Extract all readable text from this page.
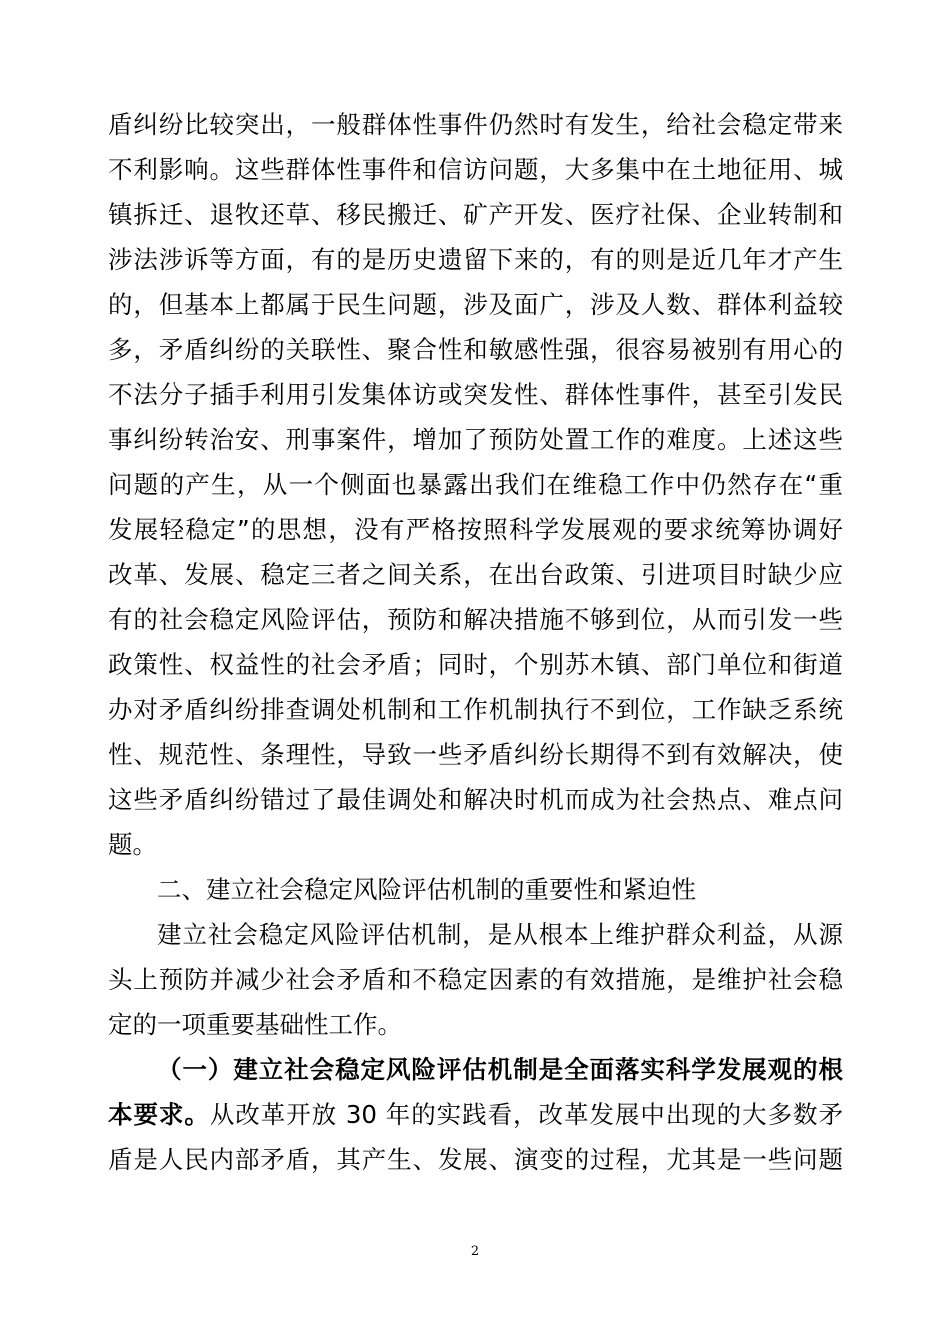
盾纠纷比较突出，一般群体性事件仍然时有发生，给社会稳定带来
不利影响。这些群体性事件和信访问题，大多集中在土地征用、城
镇拆迁、退牧还草、移民搬迁、矿产开发、医疗社保、企业转制和
涉法涉诉等方面，有的是历史遗留下来的，有的则是近几年才产生
的，但基本上都属于民生问题，涉及面广，涉及人数、群体利益较
多，矛盾纠纷的关联性、聚合性和敏感性强，很容易被别有用心的
不法分子插手利用引发集体访或突发性、群体性事件，甚至引发民
事纠纷转治安、刑事案件，增加了预防处置工作的难度。上述这些
问题的产生，从一个侧面也暴露出我们在维稳工作中仍然存在“重
发展轻稳定”的思想，没有严格按照科学发展观的要求统筹协调好
改革、发展、稳定三者之间关系，在出台政策、引进项目时缺少应
有的社会稳定风险评估，预防和解决措施不够到位，从而引发一些
政策性、权益性的社会矛盾；同时，个别苏木镇、部门单位和街道
办对矛盾纠纷排查调处机制和工作机制执行不到位，工作缺乏系统
性、规范性、条理性，导致一些矛盾纠纷长期得不到有效解决，使
这些矛盾纠纷错过了最佳调处和解决时机而成为社会热点、难点问
题。
二、建立社会稳定风险评估机制的重要性和紧迫性
建立社会稳定风险评估机制，是从根本上维护群众利益，从源
头上预防并减少社会矛盾和不稳定因素的有效措施，是维护社会稳
定的一项重要基础性工作。
（一）建立社会稳定风险评估机制是全面落实科学发展观的根
本要求。从改革开放 30 年的实践看，改革发展中出现的大多数矛
盾是人民内部矛盾，其产生、发展、演变的过程，尤其是一些问题
2
